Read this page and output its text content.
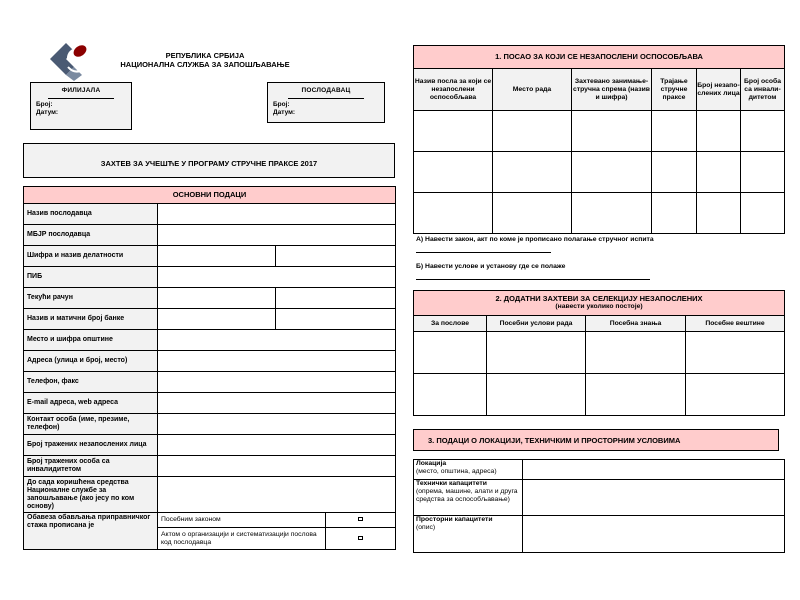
РЕПУБЛИКА СРБИЈА
НАЦИОНАЛНА СЛУЖБА ЗА ЗАПОШЉАВАЊЕ
ФИЛИЈАЛА
Број:
Датум:
ПОСЛОДАВАЦ
Број:
Датум:
ЗАХТЕВ ЗА УЧЕШЋЕ У ПРОГРАМУ СТРУЧНЕ ПРАКСЕ 2017
ОСНОВНИ ПОДАЦИ			
Назив послодавца			
МБЈР послодавца			
Шифра и назив делатности			
ПИБ			
Текући рачун			
Назив и матични број банке			
Место и шифра општине			
Адреса (улица и број, место)			
Телефон, факс			
E-mail адреса, web адреса			
Контакт особа (име, презиме, телефон)			
Број тражених незапослених лица			
Број тражених особа са инвалидитетом			
До сада коришћена средства Националне службе за запошљавање (ако јесу по ком основу)			
Обавеза обављања приправничког стажа прописана је	Посебним законом		
	Актом о организацији и систематизацији послова код послодавца		
1. ПОСАО ЗА КОЈИ СЕ НЕЗАПОСЛЕНИ ОСПОСОБЉАВА					
Назив посла за који се незапослени оспособљава	Место рада	Захтевано занимање-стручна спрема (назив и шифра)	Трајање стручне праксе	Број незапо-слених лица	Број особа са инвали-дитетом

А) Навести закон, акт по коме је прописано полагање стручног испита
Б) Навести услове и установу где се полаже
2. ДОДАТНИ ЗАХТЕВИ ЗА СЕЛЕКЦИЈУ НЕЗАПОСЛЕНИХ
(навести уколико постоје)			

За послове	Посебни услови рада	Посебна знања	Посебне вештине

3. ПОДАЦИ О ЛОКАЦИЈИ, ТЕХНИЧКИМ И ПРОСТОРНИМ УСЛОВИМА
Локација
(место, општина, адреса)	

Технички капацитети
(опрема, машине, алати и друга средства за оспособљавање)	

Просторни капацитети
(опис)	
